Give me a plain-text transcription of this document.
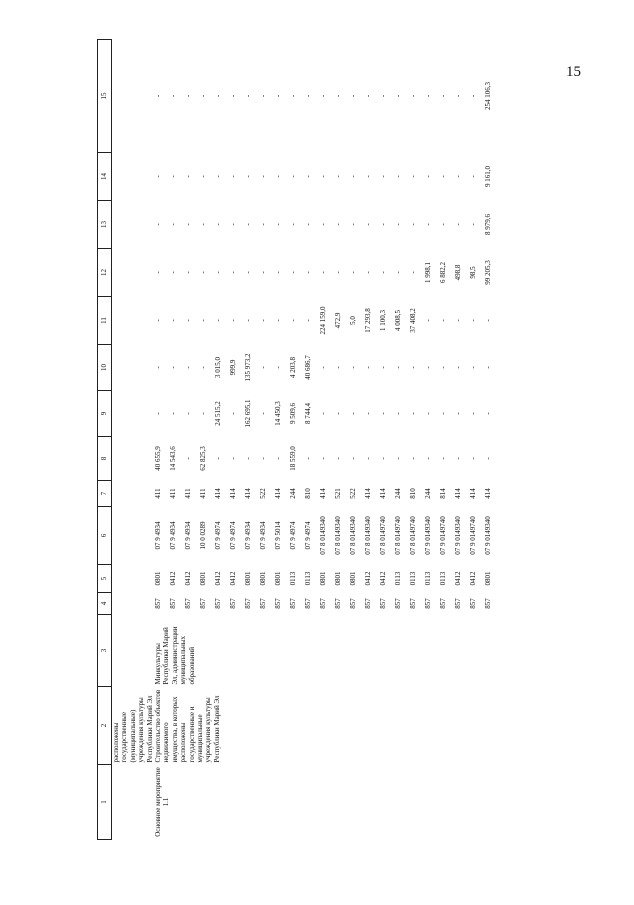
15
1	2	3	4	5	6	7	8	9	10	11	12	13	14	15
	расположены государственные (муниципальные) учреждения культуры Республики Марий Эл													
Основное мероприятие 1.1	Строительство объектов недвижимого имущества, в которых расположены государственные и муниципальные учреждения культуры Республики Марий Эл	Минкультуры Республики Марий Эл, администрации муниципальных образований	857	0801	07 9 4934	411	40 655,9	-	-	-	-	-	-	-
			857	0412	07 9 4934	411	14 543,6	-	-	-	-	-	-	-
			857	0412	07 9 4934	411	-	-	-	-	-	-	-	-
			857	0801	10 0 0289	411	62 825,3	-	-	-	-	-	-	-
			857	0412	07 9 4974	414	-	24 515,2	3 015,0	-	-	-	-	-
			857	0412	07 9 4974	414	-	-	999,9	-	-	-	-	-
			857	0801	07 9 4934	414	-	162 695,1	135 973,2	-	-	-	-	-
			857	0801	07 9 4934	522	-	-	-	-	-	-	-	-
			857	0801	07 9 5014	414	-	14 450,3	-	-	-	-	-	-
			857	0113	07 9 4974	244	18 559,0	9 509,6	4 203,8	-	-	-	-	-
			857	0113	07 9 4974	810	-	8 744,4	40 686,7	-	-	-	-	-
			857	0801	07 8 0149340	414	-	-	-	224 159,0	-	-	-	-
			857	0801	07 8 0149340	521	-	-	-	472,9	-	-	-	-
			857	0801	07 8 0149340	522	-	-	-	5,0	-	-	-	-
			857	0412	07 8 0149340	414	-	-	-	17 293,8	-	-	-	-
			857	0412	07 8 0149740	414	-	-	-	1 100,3	-	-	-	-
			857	0113	07 8 0149740	244	-	-	-	4 008,5	-	-	-	-
			857	0113	07 8 0149740	810	-	-	-	37 408,2	-	-	-	-
			857	0113	07 9 0149340	244	-	-	-	-	1 998,1	-	-	-
			857	0113	07 9 0149740	814	-	-	-	-	6 882,2	-	-	-
			857	0412	07 9 0149340	414	-	-	-	-	498,8	-	-	-
			857	0412	07 9 0149740	414	-	-	-	-	98,5	-	-	-
			857	0801	07 9 0149340	414	-	-	-	-	99 205,3	8 979,6	9 161,0	254 106,3
